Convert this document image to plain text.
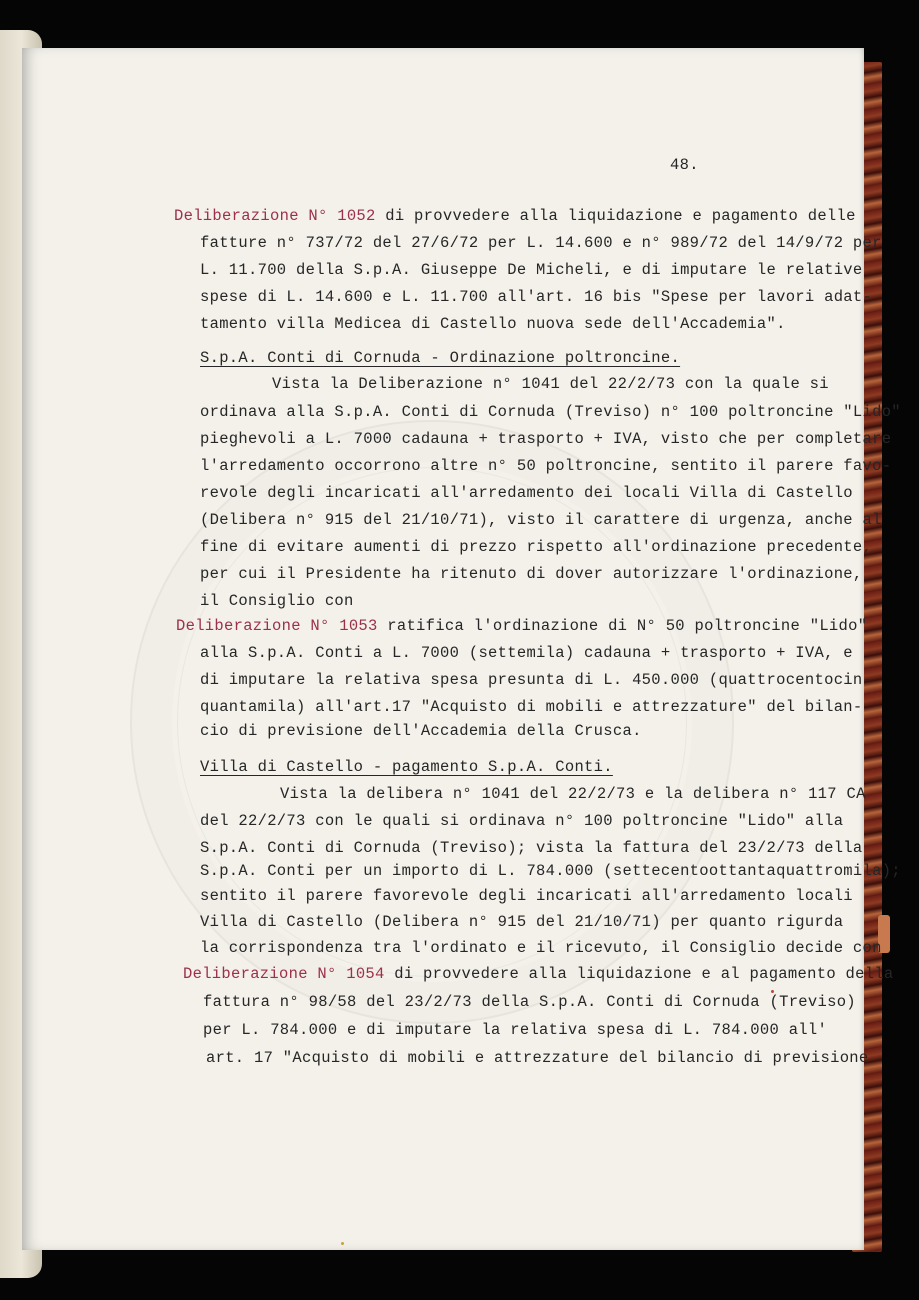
48.
Deliberazione N° 1052 di provvedere alla liquidazione e pagamento delle
fatture n° 737/72 del 27/6/72 per L. 14.600 e n° 989/72 del 14/9/72 per
L. 11.700 della S.p.A. Giuseppe De Micheli, e di imputare le relative
spese di L. 14.600 e L. 11.700 all'art. 16 bis "Spese per lavori adat-
tamento villa Medicea di Castello nuova sede dell'Accademia".
S.p.A. Conti di Cornuda - Ordinazione poltroncine.
Vista la Deliberazione n° 1041 del 22/2/73 con la quale si
ordinava alla S.p.A. Conti di Cornuda (Treviso) n° 100 poltroncine "Lido"
pieghevoli a L. 7000 cadauna + trasporto + IVA, visto che per completare
l'arredamento occorrono altre n° 50 poltroncine, sentito il parere favo-
revole degli incaricati all'arredamento dei locali Villa di Castello
(Delibera n° 915 del 21/10/71), visto il carattere di urgenza, anche al
fine di evitare aumenti di prezzo rispetto all'ordinazione precedente,
per cui il Presidente ha ritenuto di dover autorizzare l'ordinazione,
il Consiglio con
Deliberazione N° 1053 ratifica l'ordinazione di N° 50 poltroncine "Lido"
alla S.p.A. Conti a L. 7000 (settemila) cadauna + trasporto + IVA, e
di imputare la relativa spesa presunta di L. 450.000 (quattrocentocin-
quantamila) all'art.17 "Acquisto di mobili e attrezzature" del bilan-
cio di previsione dell'Accademia della Crusca.
Villa di Castello - pagamento S.p.A. Conti.
Vista la delibera n° 1041 del 22/2/73 e la delibera n° 117 CA
del 22/2/73 con le quali si ordinava n° 100 poltroncine "Lido" alla
S.p.A. Conti di Cornuda (Treviso); vista la fattura del 23/2/73 della
S.p.A. Conti per un importo di L. 784.000 (settecentoottantaquattromila);
sentito il parere favorevole degli incaricati all'arredamento locali
Villa di Castello (Delibera n° 915 del 21/10/71) per quanto rigurda
la corrispondenza tra l'ordinato e il ricevuto, il Consiglio decide con
Deliberazione N° 1054 di provvedere alla liquidazione e al pagamento della
fattura n° 98/58 del 23/2/73 della S.p.A. Conti di Cornuda (Treviso)
per L. 784.000 e di imputare la relativa spesa di L. 784.000 all'
art. 17 "Acquisto di mobili e attrezzature del bilancio di previsione
